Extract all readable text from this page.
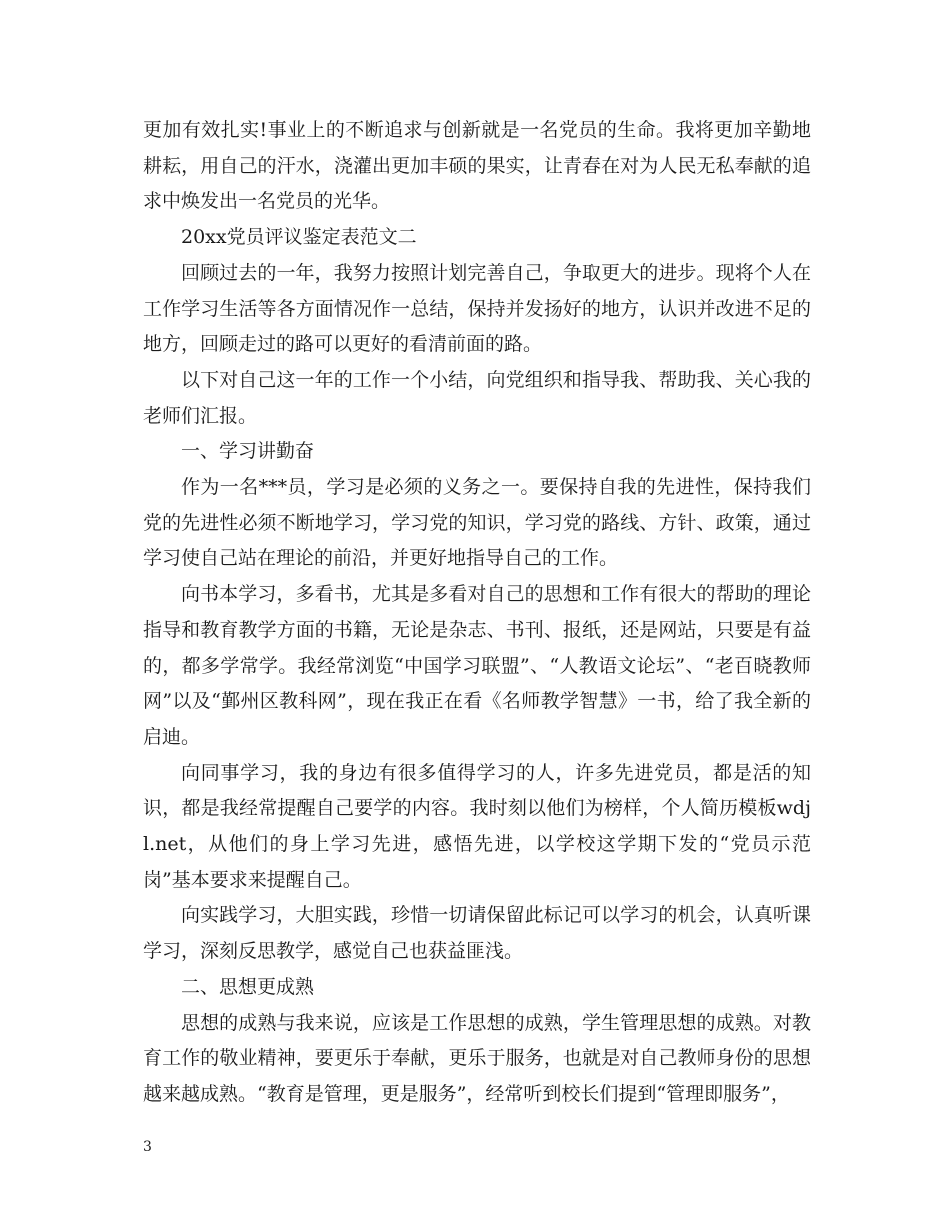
更加有效扎实!事业上的不断追求与创新就是一名党员的生命。我将更加辛勤地耕耘，用自己的汗水，浇灌出更加丰硕的果实，让青春在对为人民无私奉献的追求中焕发出一名党员的光华。

20xx党员评议鉴定表范文二

回顾过去的一年，我努力按照计划完善自己，争取更大的进步。现将个人在工作学习生活等各方面情况作一总结，保持并发扬好的地方，认识并改进不足的地方，回顾走过的路可以更好的看清前面的路。

以下对自己这一年的工作一个小结，向党组织和指导我、帮助我、关心我的老师们汇报。

一、学习讲勤奋

作为一名***员，学习是必须的义务之一。要保持自我的先进性，保持我们党的先进性必须不断地学习，学习党的知识，学习党的路线、方针、政策，通过学习使自己站在理论的前沿，并更好地指导自己的工作。

向书本学习，多看书，尤其是多看对自己的思想和工作有很大的帮助的理论指导和教育教学方面的书籍，无论是杂志、书刊、报纸，还是网站，只要是有益的，都多学常学。我经常浏览“中国学习联盟”、“人教语文论坛”、“老百晓教师网”以及“鄞州区教科网”，现在我正在看《名师教学智慧》一书，给了我全新的启迪。

向同事学习，我的身边有很多值得学习的人，许多先进党员，都是活的知识，都是我经常提醒自己要学的内容。我时刻以他们为榜样，个人简历模板wdjl.net，从他们的身上学习先进，感悟先进，以学校这学期下发的“党员示范岗”基本要求来提醒自己。

向实践学习，大胆实践，珍惜一切请保留此标记可以学习的机会，认真听课学习，深刻反思教学，感觉自己也获益匪浅。

二、思想更成熟

思想的成熟与我来说，应该是工作思想的成熟，学生管理思想的成熟。对教育工作的敬业精神，要更乐于奉献，更乐于服务，也就是对自己教师身份的思想越来越成熟。“教育是管理，更是服务”，经常听到校长们提到“管理即服务”，

3
